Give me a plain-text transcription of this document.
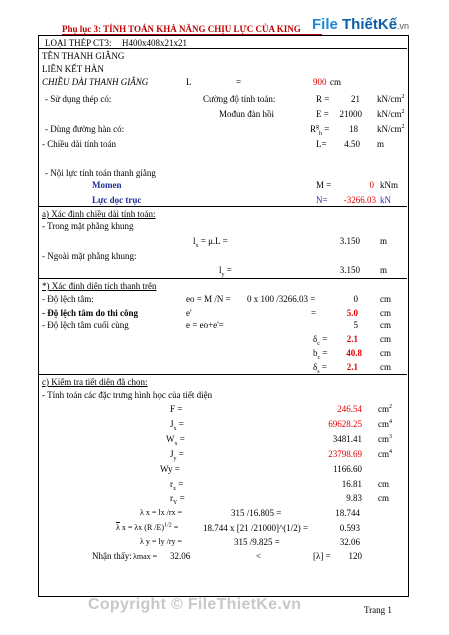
Phụ lục 3: TÍNH TOÁN KHẢ NĂNG CHỊU LỰC CỦA KING File ThiếtKế.vn
LOẠI THÉP CT3: H400x408x21x21
TÊN THANH GIẰNG
LIÊN KẾT HÀN
CHIỀU DÀI THANH GIẰNG	L	=	900 cm
- Sử dụng thép có:	Cường độ tính toán:	R =	21 $kN/cm^2$
Mođun đàn hồi	E =	21000 $kN/cm^2$
- Dùng đường hàn có:	$R^g_h$ =	18 $kN/cm^2$
- Chiều dài tính toán	L=	4.50 m
- Nội lực tính toán thanh giằng
Momen	M =	0 kNm
Lực dọc trục	N=	-3266.03 kN
a) Xác định chiều dài tính toán:
- Trong mặt phẳng khung
$l_x = \mu.L$ =	3.150 m
- Ngoài mặt phẳng khung:
$l_y$ =	3.150 m
*) Xác định diện tích thanh trên
- Độ lệch tâm:	eo = M /N = 0 x 100 /3266.03 =	0 cm
- Độ lệch tâm do thi công	e'	=	5.0 cm
- Độ lệch tâm cuối cùng	e = eo+e'=	5 cm
$\delta_c$ =	2.1 cm
$b_c$ =	40.8 cm
$\delta_s$ =	2.1 cm
c) Kiểm tra tiết diện đã chọn:
- Tính toán các đặc trưng hình học của tiết diện
F =	246.54 $cm^2$
$J_x$ =	69628.25 $cm^4$
$W_x$ =	3481.41 $cm^3$
$J_y$ =	23798.69 $cm^4$
Wy =	1166.60
$r_x$ =	16.81 cm
$r_Y$ =	9.83 cm
λ x = lx /rx =	315 /16.805 =	18.744
$\overline{\lambda}$ x = λx (R /E)$^{1/2}$ =	18.744 x [21 /21000]^(1/2) =	0.593
λ y = ly /ry =	315 /9.825 =	32.06
Nhận thấy: λmax = 32.06	<	[λ] =	120
Copyright © FileThietKe.vn	Trang 1
